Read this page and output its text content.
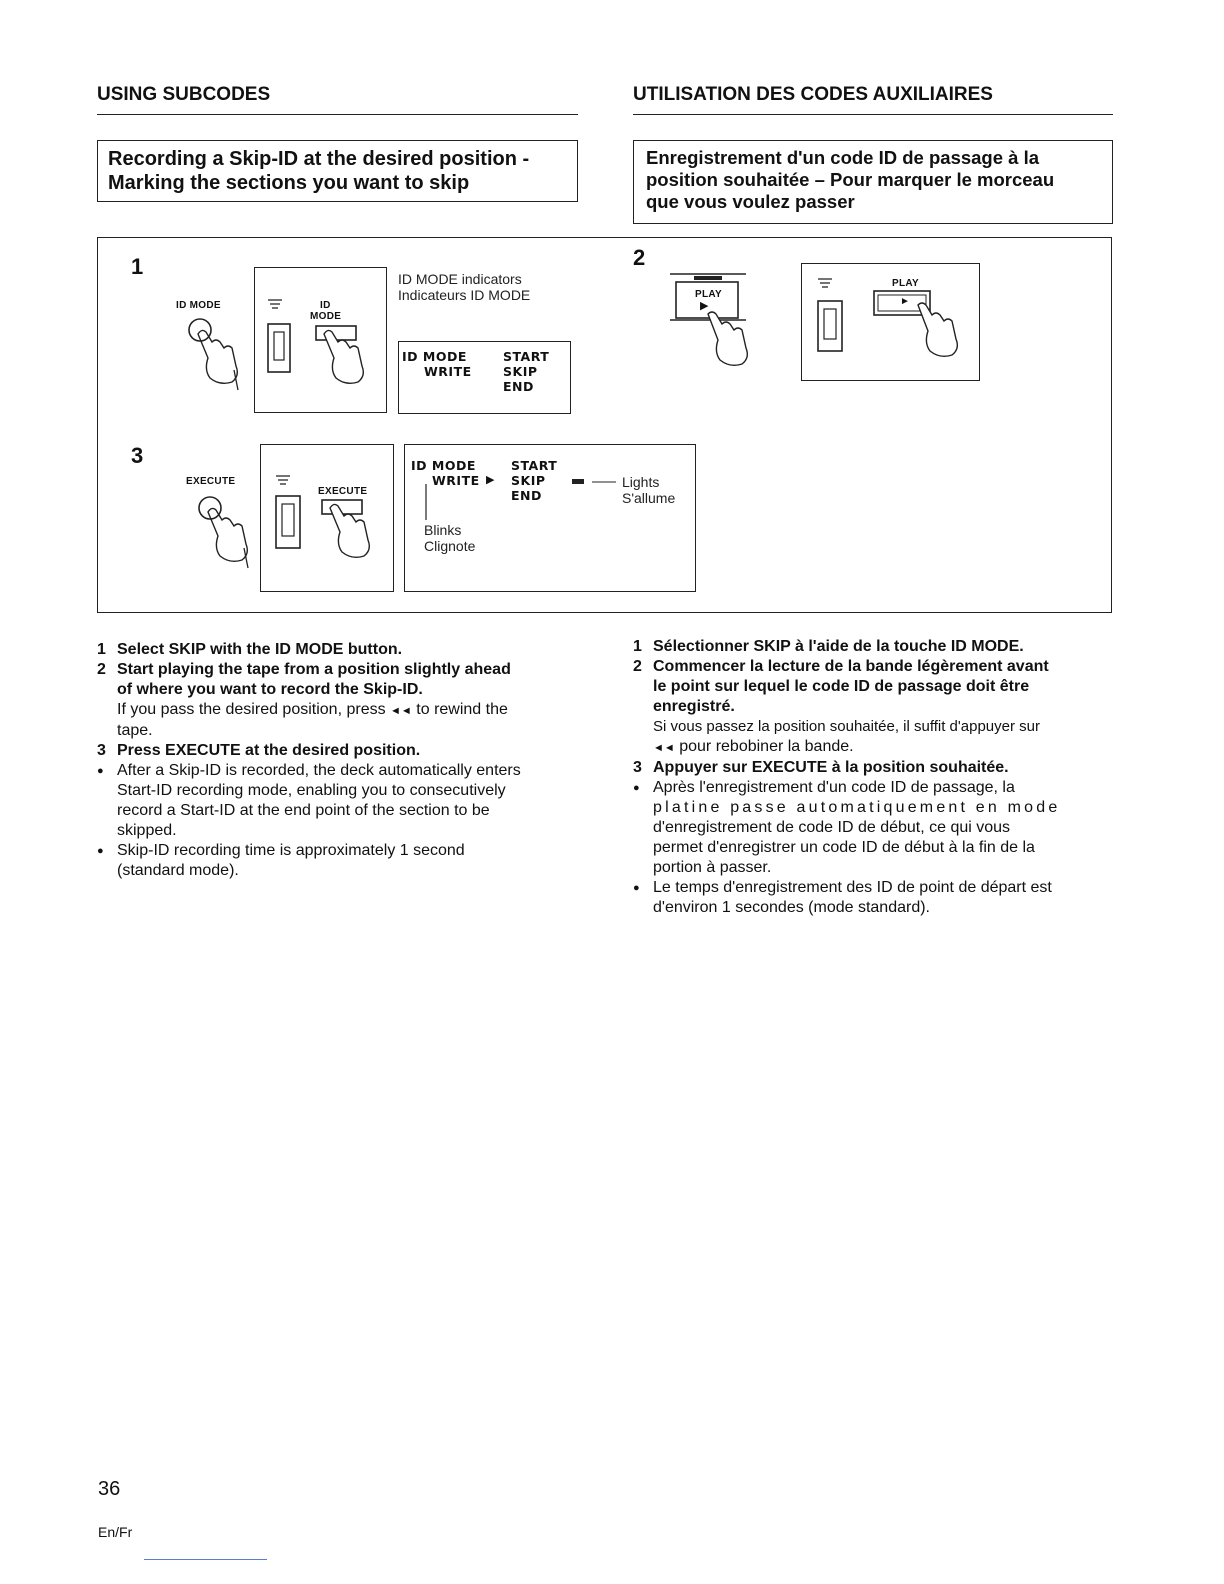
USING SUBCODES	UTILISATION DES CODES AUXILIAIRES
Recording a Skip-ID at the desired position -
Marking the sections you want to skip
Enregistrement d'un code ID de passage à la
position souhaitée – Pour marquer le morceau
que vous voulez passer
1
ID MODE	ID
MODE
ID MODE indicators
Indicateurs ID MODE
ID MODE
WRITE
START
SKIP
END
2
PLAY
▶
PLAY
►
3
EXECUTE
EXECUTE
ID MODE
WRITE ▶
START
SKIP
END
Lights
S'allume
Blinks
Clignote
1 Select SKIP with the ID MODE button.
2 Start playing the tape from a position slightly ahead
of where you want to record the Skip-ID.
If you pass the desired position, press ◄◄ to rewind the
tape.
3 Press EXECUTE at the desired position.
● After a Skip-ID is recorded, the deck automatically enters
Start-ID recording mode, enabling you to consecutively
record a Start-ID at the end point of the section to be
skipped.
● Skip-ID recording time is approximately 1 second
(standard mode).
1 Sélectionner SKIP à l'aide de la touche ID MODE.
2 Commencer la lecture de la bande légèrement avant
le point sur lequel le code ID de passage doit être
enregistré.
Si vous passez la position souhaitée, il suffit d'appuyer sur
◄◄ pour rebobiner la bande.
3 Appuyer sur EXECUTE à la position souhaitée.
● Après l'enregistrement d'un code ID de passage, la
platine passe automatiquement en mode
d'enregistrement de code ID de début, ce qui vous
permet d'enregistrer un code ID de début à la fin de la
portion à passer.
● Le temps d'enregistrement des ID de point de départ est
d'environ 1 secondes (mode standard).
36
En/Fr
